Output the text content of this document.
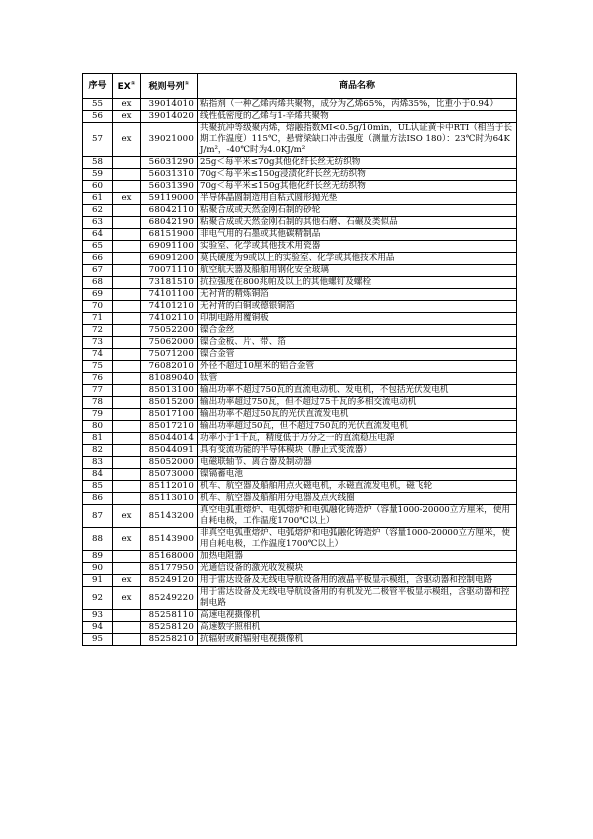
序号	EX①	税则号列①	商品名称
55	ex	39014010	粘指剂（一种乙烯丙烯共聚物，成分为乙烯65%，丙烯35%，比重小于0.94）
56	ex	39014020	线性低密度的乙烯与1-辛烯共聚物
57	ex	39021000	共聚抗冲等级聚丙烯，熔融指数MI<0.5g/10min，UL认证黄卡中RTI（相当于长期工作温度）115℃，悬臂梁缺口冲击强度（测量方法ISO 180）：23℃时为64KJ/m²，-40℃时为4.0KJ/m²
58		56031290	25g＜每平米≤70g其他化纤长丝无纺织物
59		56031310	70g＜每平米≤150g浸渍化纤长丝无纺织物
60		56031390	70g＜每平米≤150g其他化纤长丝无纺织物
61	ex	59119000	半导体晶圆制造用自粘式圆形抛光垫
62		68042110	粘聚合成或天然金刚石制的砂轮
63		68042190	粘聚合成或天然金刚石制的其他石磨、石碾及类似品
64		68151900	非电气用的石墨或其他碳精制品
65		69091100	实验室、化学或其他技术用瓷器
66		69091200	莫氏硬度为9或以上的实验室、化学或其他技术用品
67		70071110	航空航天器及船舶用钢化安全玻璃
68		73181510	抗拉强度在800兆帕及以上的其他螺钉及螺栓
69		74101100	无衬背的精炼铜箔
70		74101210	无衬背的白铜或德银铜箔
71		74102110	印制电路用覆铜板
72		75052200	镍合金丝
73		75062000	镍合金板、片、带、箔
74		75071200	镍合金管
75		76082010	外径不超过10厘米的铝合金管
76		81089040	钛管
77		85013100	输出功率不超过750瓦的直流电动机、发电机，不包括光伏发电机
78		85015200	输出功率超过750瓦，但不超过75千瓦的多相交流电动机
79		85017100	输出功率不超过50瓦的光伏直流发电机
80		85017210	输出功率超过50瓦，但不超过750瓦的光伏直流发电机
81		85044014	功率小于1千瓦，精度低于万分之一的直流稳压电源
82		85044091	具有变流功能的半导体模块（静止式变流器）
83		85052000	电磁联轴节、离合器及制动器
84		85073000	镍镉蓄电池
85		85112010	机车、航空器及船舶用点火磁电机，永磁直流发电机，磁飞轮
86		85113010	机车、航空器及船舶用分电器及点火线圈
87	ex	85143200	真空电弧重熔炉、电弧熔炉和电弧融化铸造炉（容量1000-20000立方厘米，使用自耗电极，工作温度1700℃以上）
88	ex	85143900	非真空电弧重熔炉、电弧熔炉和电弧融化铸造炉（容量1000-20000立方厘米，使用自耗电极，工作温度1700℃以上）
89		85168000	加热电阻器
90		85177950	光通信设备的激光收发模块
91	ex	85249120	用于雷达设备及无线电导航设备用的液晶平板显示模组，含驱动器和控制电路
92	ex	85249220	用于雷达设备及无线电导航设备用的有机发光二极管平板显示模组，含驱动器和控制电路
93		85258110	高速电视摄像机
94		85258120	高速数字照相机
95		85258210	抗辐射或耐辐射电视摄像机
